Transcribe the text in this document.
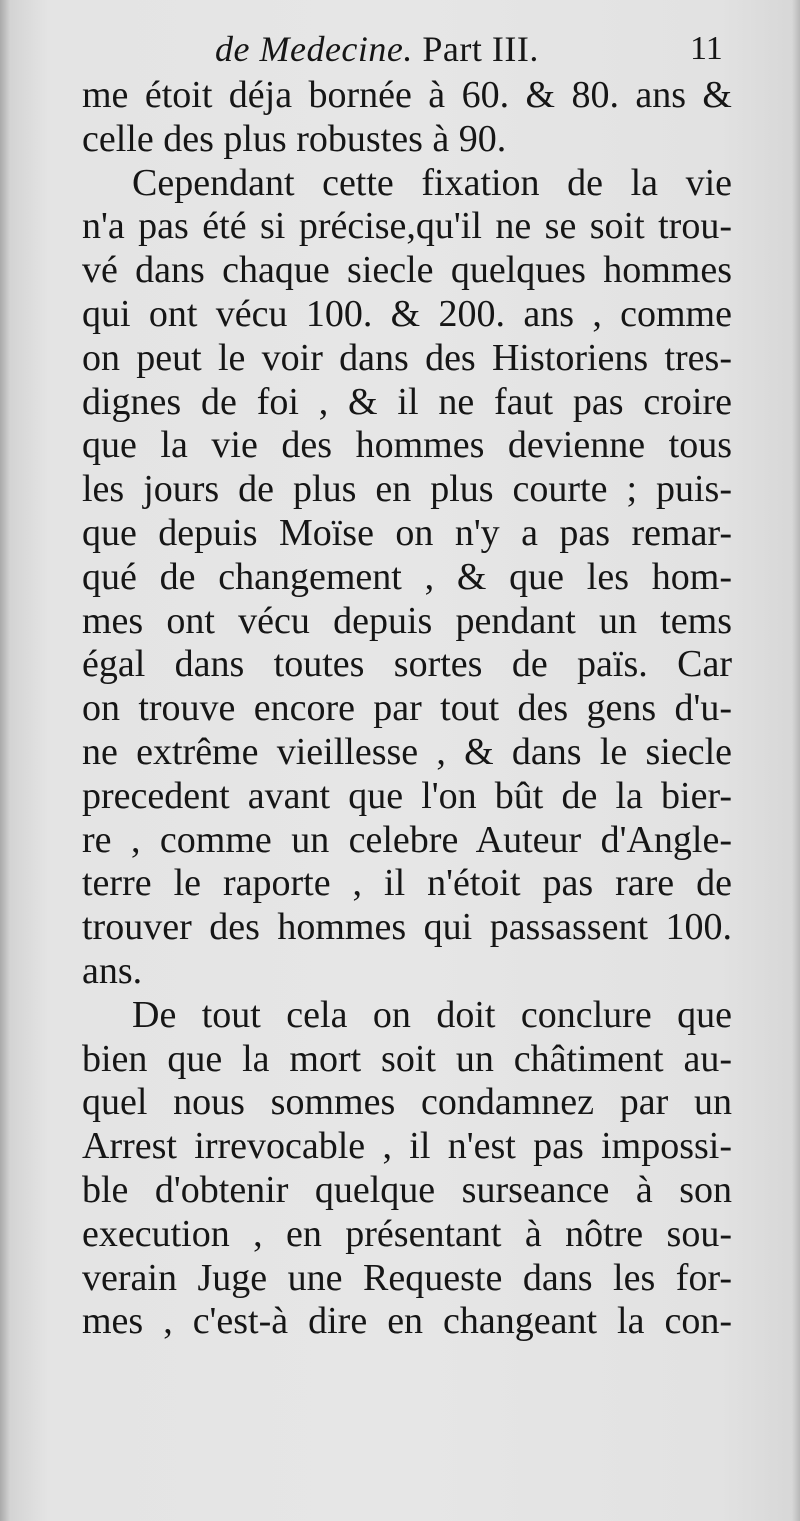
de Medecine. Part III.	11
me étoit déja bornée à 60. & 80. ans &
celle des plus robustes à 90.
Cependant cette fixation de la vie
n'a pas été si précise,qu'il ne se soit trou-
vé dans chaque siecle quelques hommes
qui ont vécu 100. & 200. ans , comme
on peut le voir dans des Historiens tres-
dignes de foi , & il ne faut pas croire
que la vie des hommes devienne tous
les jours de plus en plus courte ; puis-
que depuis Moïse on n'y a pas remar-
qué de changement , & que les hom-
mes ont vécu depuis pendant un tems
égal dans toutes sortes de païs. Car
on trouve encore par tout des gens d'u-
ne extrême vieillesse , & dans le siecle
precedent avant que l'on bût de la bier-
re , comme un celebre Auteur d'Angle-
terre le raporte , il n'étoit pas rare de
trouver des hommes qui passassent 100.
ans.
De tout cela on doit conclure que
bien que la mort soit un châtiment au-
quel nous sommes condamnez par un
Arrest irrevocable , il n'est pas impossi-
ble d'obtenir quelque surseance à son
execution , en présentant à nôtre sou-
verain Juge une Requeste dans les for-
mes , c'est-à dire en changeant la con-
